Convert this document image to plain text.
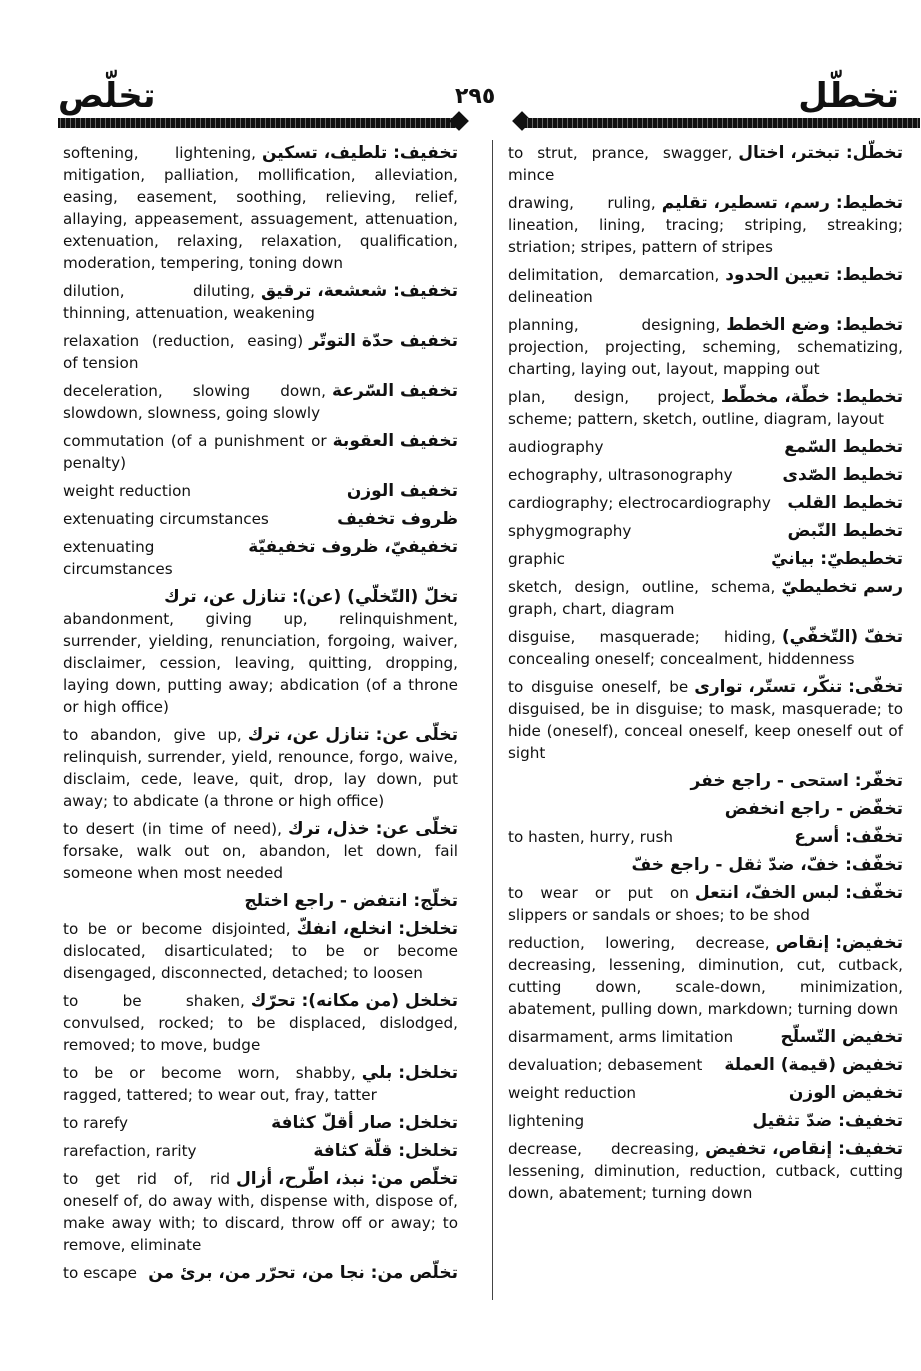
تخلّص	٢٩٥	تخطّل
تخفيف: تلطيف، تسكين
softening, lightening, mitigation, palliation, mollification, alleviation, easing, easement, soothing, relieving, relief, allaying, appeasement, assuagement, attenuation, extenuation, relaxing, relaxation, qualification, moderation, tempering, toning down
تخفيف: شعشعة، ترقيق
dilution, diluting, thinning, attenuation, weakening
تخفيف حدّة التوتّر
relaxation (reduction, easing) of tension
تخفيف السّرعة
deceleration, slowing down, slowdown, slowness, going slowly
تخفيف العقوبة
commutation (of a punishment or penalty)
تخفيف الوزن
weight reduction
ظروف تخفيف
extenuating circumstances
تخفيفيّ، ظروف تخفيفيّة
extenuating circumstances
تخلّ (التّخلّي) (عن): تنازل عن، ترك
abandonment, giving up, relinquishment, surrender, yielding, renunciation, forgoing, waiver, disclaimer, cession, leaving, quitting, dropping, laying down, putting away; abdication (of a throne or high office)
تخلّى عن: تنازل عن، ترك
to abandon, give up, relinquish, surrender, yield, renounce, forgo, waive, disclaim, cede, leave, quit, drop, lay down, put away; to abdicate (a throne or high office)
تخلّى عن: خذل، ترك
to desert (in time of need), forsake, walk out on, abandon, let down, fail someone when most needed
تخلّج: انتفض - راجع اختلج
تخلخل: انخلع، انفكّ
to be or become disjointed, dislocated, disarticulated; to be or become disengaged, disconnected, detached; to loosen
تخلخل (من مكانه): تحرّك
to be shaken, convulsed, rocked; to be displaced, dislodged, removed; to move, budge
تخلخل: بلي
to be or become worn, shabby, ragged, tattered; to wear out, fray, tatter
تخلخل: صار أقلّ كثافة
to rarefy
تخلخل: قلّة كثافة
rarefaction, rarity
تخلّص من: نبذ، اطّرح، أزال
to get rid of, rid oneself of, do away with, dispense with, dispose of, make away with; to discard, throw off or away; to remove, eliminate
تخلّص من: نجا من، تحرّر من، برئ من
to escape
تخطّل: تبختر، اختال
to strut, prance, swagger, mince
تخطيط: رسم، تسطير، تقليم
drawing, ruling, lineation, lining, tracing; striping, streaking; striation; stripes, pattern of stripes
تخطيط: تعيين الحدود
delimitation, demarcation, delineation
تخطيط: وضع الخطط
planning, designing, projection, projecting, scheming, schematizing, charting, laying out, layout, mapping out
تخطيط: خطّة، مخطّط
plan, design, project, scheme; pattern, sketch, outline, diagram, layout
تخطيط السّمع
audiography
تخطيط الصّدى
echography, ultrasonography
تخطيط القلب
cardiography; electrocardiography
تخطيط النّبض
sphygmography
تخطيطيّ: بيانيّ
graphic
رسم تخطيطيّ
sketch, design, outline, schema, graph, chart, diagram
تخفّ (التّخفّي)
disguise, masquerade; hiding, concealing oneself; concealment, hiddenness
تخفّى: تنكّر، تستّر، توارى
to disguise oneself, be disguised, be in disguise; to mask, masquerade; to hide (oneself), conceal oneself, keep oneself out of sight
تخفّر: استحى - راجع خفر
تخفّض - راجع انخفض
تخفّف: أسرع
to hasten, hurry, rush
تخفّف: خفّ، ضدّ ثقل - راجع خفّ
تخفّف: لبس الخفّ، انتعل
to wear or put on slippers or sandals or shoes; to be shod
تخفيض: إنقاص
reduction, lowering, decrease, decreasing, lessening, diminution, cut, cutback, cutting down, scale-down, minimization, abatement, pulling down, markdown; turning down
تخفيض التّسلّح
disarmament, arms limitation
تخفيض (قيمة) العملة
devaluation; debasement
تخفيض الوزن
weight reduction
تخفيف: ضدّ تثقيل
lightening
تخفيف: إنقاص، تخفيض
decrease, decreasing, lessening, diminution, reduction, cutback, cutting down, abatement; turning down
